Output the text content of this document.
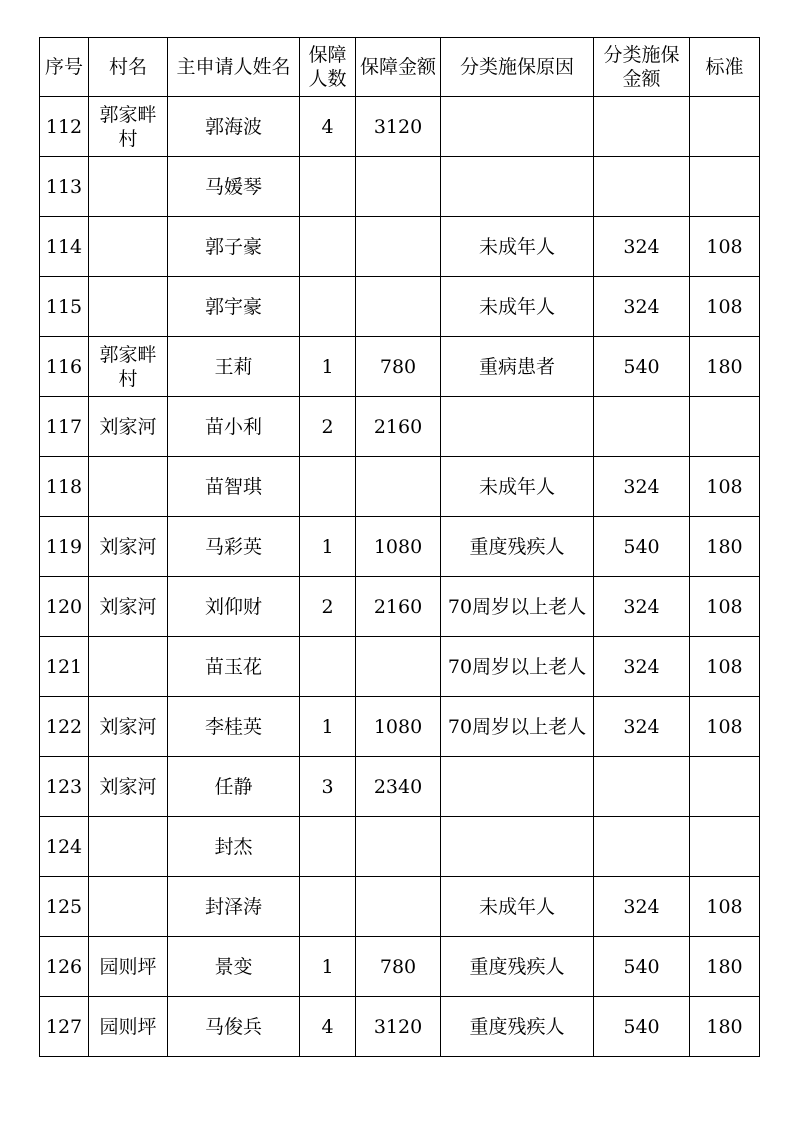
序号	村名	主申请人姓名	保障人数	保障金额	分类施保原因	分类施保金额	标准
112	郭家畔村	郭海波	4	3120			
113		马媛琴					
114		郭子豪			未成年人	324	108
115		郭宇豪			未成年人	324	108
116	郭家畔村	王莉	1	780	重病患者	540	180
117	刘家河	苗小利	2	2160			
118		苗智琪			未成年人	324	108
119	刘家河	马彩英	1	1080	重度残疾人	540	180
120	刘家河	刘仰财	2	2160	70周岁以上老人	324	108
121		苗玉花			70周岁以上老人	324	108
122	刘家河	李桂英	1	1080	70周岁以上老人	324	108
123	刘家河	任静	3	2340			
124		封杰					
125		封泽涛			未成年人	324	108
126	园则坪	景变	1	780	重度残疾人	540	180
127	园则坪	马俊兵	4	3120	重度残疾人	540	180
